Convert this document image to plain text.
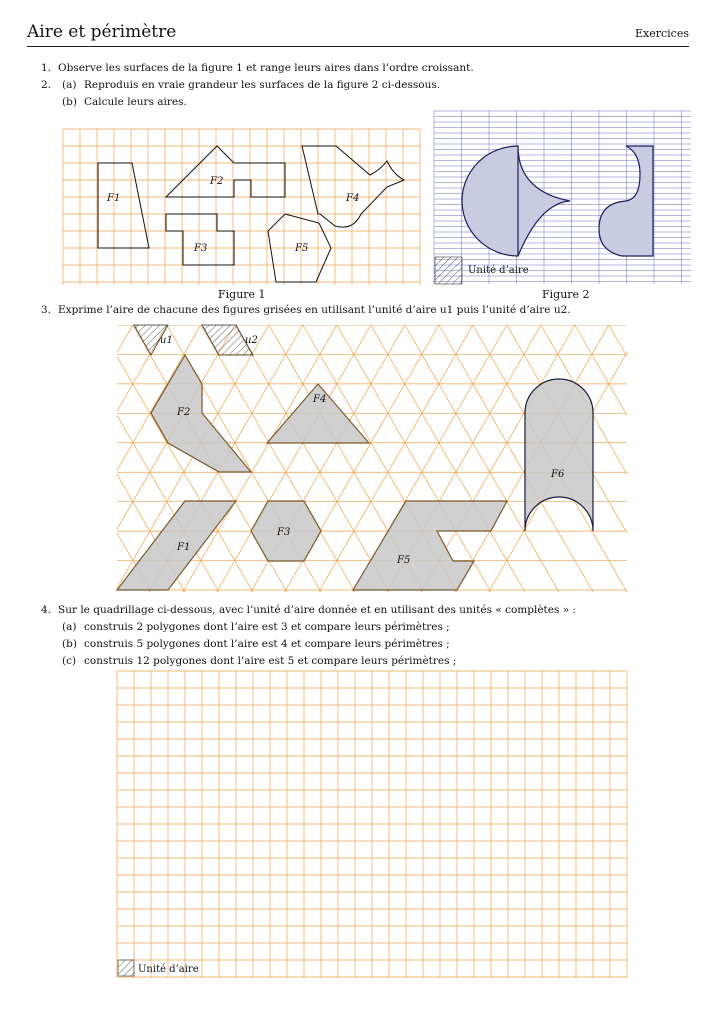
Aire et périmètre	Exercices
1. Observe les surfaces de la figure 1 et range leurs aires dans l’ordre croissant.
2. (a) Reproduis en vraie grandeur les surfaces de la figure 2 ci-dessous.
(b) Calcule leurs aires.
F1
F2
F3
F4
F5
Figure 1
Unité d’aire
Figure 2
3. Exprime l’aire de chacune des figures grisées en utilisant l’unité d’aire u1 puis l’unité d’aire u2.
u1	u2
F1
F2
F3
F4
F5
F6
4. Sur le quadrillage ci-dessous, avec l’unité d’aire donnée et en utilisant des unités « complètes » :
(a) construis 2 polygones dont l’aire est 3 et compare leurs périmètres ;
(b) construis 5 polygones dont l’aire est 4 et compare leurs périmètres ;
(c) construis 12 polygones dont l’aire est 5 et compare leurs périmètres ;
Unité d’aire
